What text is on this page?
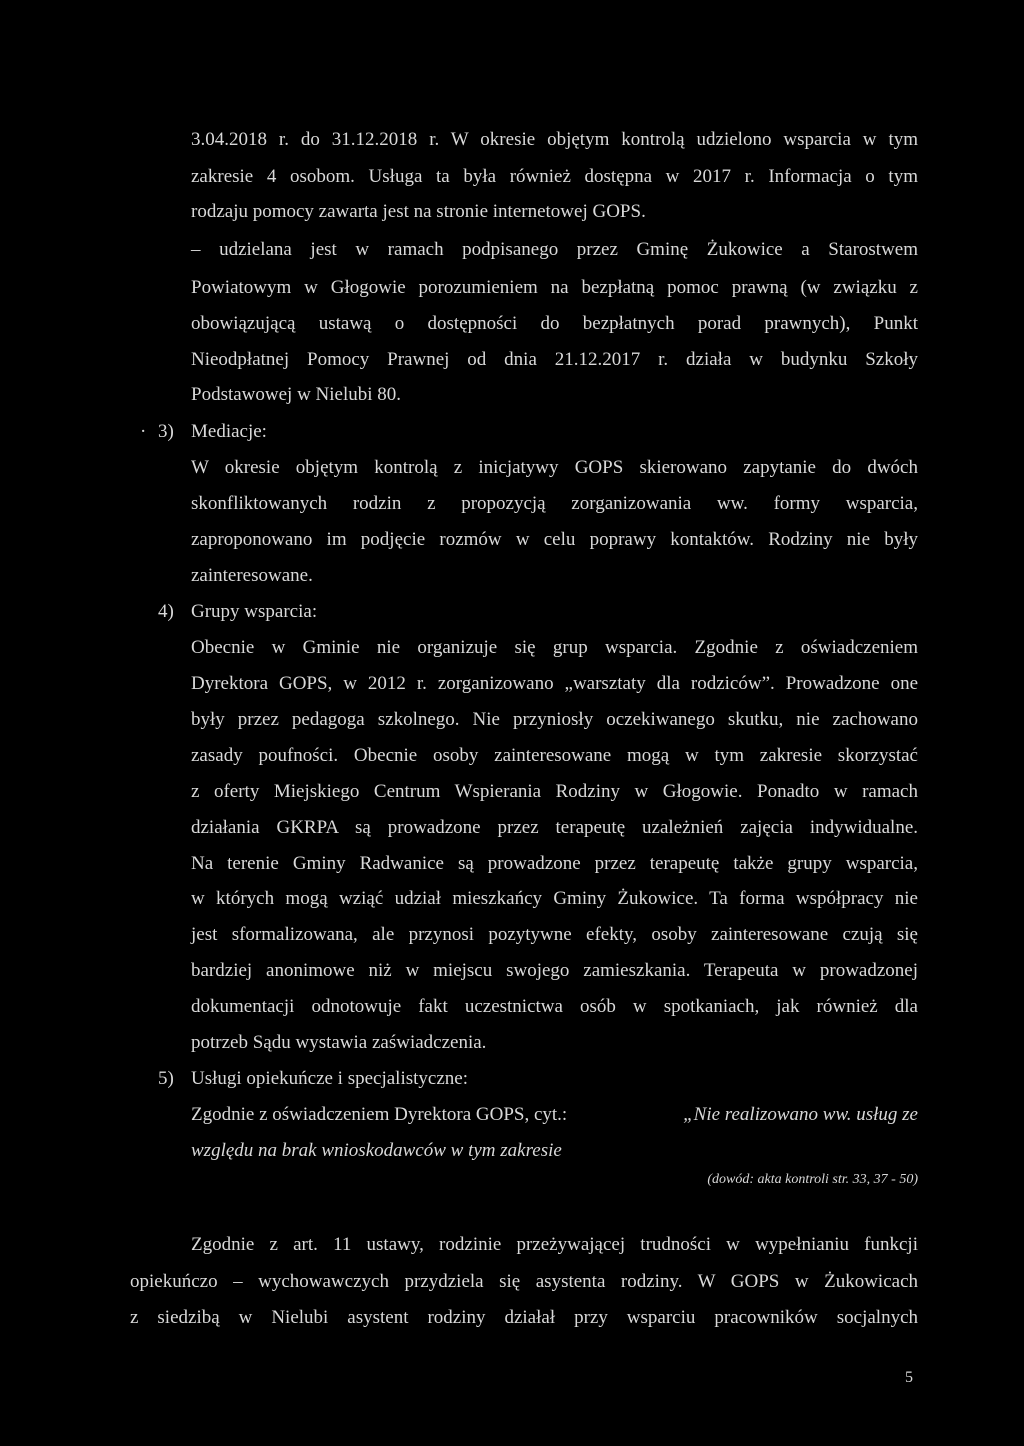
3.04.2018 r. do 31.12.2018 r. W okresie objętym kontrolą udzielono wsparcia w tym
zakresie 4 osobom. Usługa ta była również dostępna w 2017 r. Informacja o tym
rodzaju pomocy zawarta jest na stronie internetowej GOPS.
– udzielana jest w ramach podpisanego przez Gminę Żukowice a Starostwem
Powiatowym w Głogowie porozumieniem na bezpłatną pomoc prawną (w związku z
obowiązującą ustawą o dostępności do bezpłatnych porad prawnych), Punkt
Nieodpłatnej Pomocy Prawnej od dnia 21.12.2017 r. działa w budynku Szkoły
Podstawowej w Nielubi 80.
· 3) Mediacje:
W okresie objętym kontrolą z inicjatywy GOPS skierowano zapytanie do dwóch
skonfliktowanych rodzin z propozycją zorganizowania ww. formy wsparcia,
zaproponowano im podjęcie rozmów w celu poprawy kontaktów. Rodziny nie były
zainteresowane.
4) Grupy wsparcia:
Obecnie w Gminie nie organizuje się grup wsparcia. Zgodnie z oświadczeniem
Dyrektora GOPS, w 2012 r. zorganizowano „warsztaty dla rodziców”. Prowadzone one
były przez pedagoga szkolnego. Nie przyniosły oczekiwanego skutku, nie zachowano
zasady poufności. Obecnie osoby zainteresowane mogą w tym zakresie skorzystać
z oferty Miejskiego Centrum Wspierania Rodziny w Głogowie. Ponadto w ramach
działania GKRPA są prowadzone przez terapeutę uzależnień zajęcia indywidualne.
Na terenie Gminy Radwanice są prowadzone przez terapeutę także grupy wsparcia,
w których mogą wziąć udział mieszkańcy Gminy Żukowice. Ta forma współpracy nie
jest sformalizowana, ale przynosi pozytywne efekty, osoby zainteresowane czują się
bardziej anonimowe niż w miejscu swojego zamieszkania. Terapeuta w prowadzonej
dokumentacji odnotowuje fakt uczestnictwa osób w spotkaniach, jak również dla
potrzeb Sądu wystawia zaświadczenia.
5) Usługi opiekuńcze i specjalistyczne:
Zgodnie z oświadczeniem Dyrektora GOPS, cyt.:	„Nie realizowano ww. usług ze
względu na brak wnioskodawców w tym zakresie
(dowód: akta kontroli str. 33, 37 - 50)
Zgodnie z art. 11 ustawy, rodzinie przeżywającej trudności w wypełnianiu funkcji
opiekuńczo – wychowawczych przydziela się asystenta rodziny. W GOPS w Żukowicach
z siedzibą w Nielubi asystent rodziny działał przy wsparciu pracowników socjalnych
5
